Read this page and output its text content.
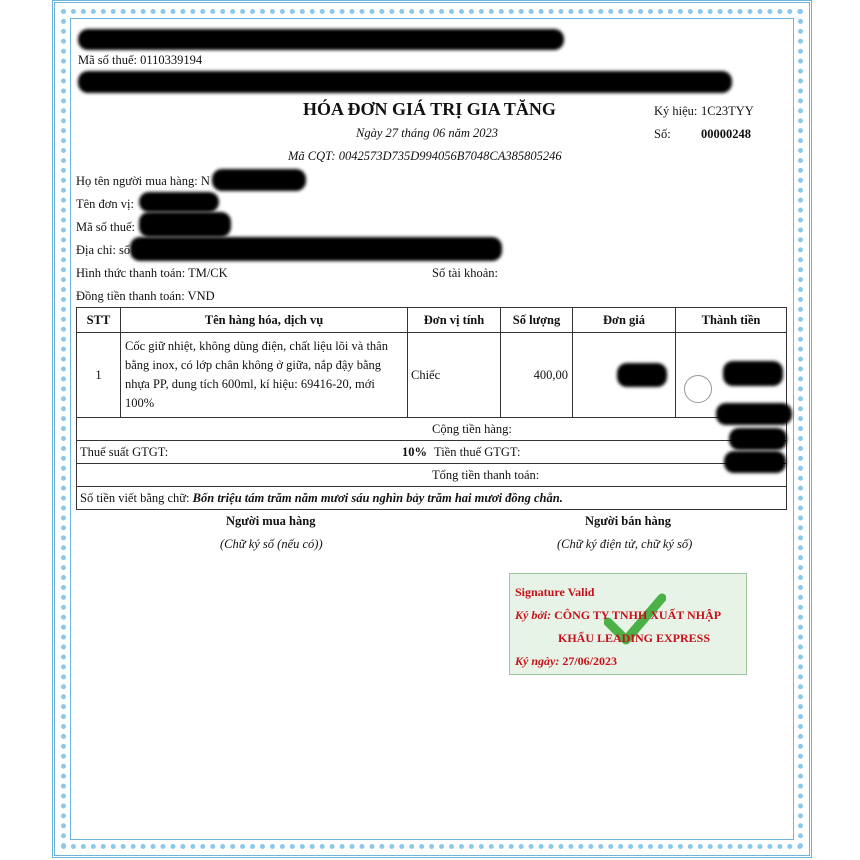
Mã số thuế: 0110339194
HÓA ĐƠN GIÁ TRỊ GIA TĂNG
Ngày 27 tháng 06 năm 2023
Mã CQT: 0042573D735D994056B7048CA385805246
Ký hiệu: 1C23TYY
Số: 00000248
Họ tên người mua hàng: N
Tên đơn vị:
Mã số thuế:
Địa chỉ: số
Hình thức thanh toán: TM/CK	Số tài khoản:
Đồng tiền thanh toán: VND
STT	Tên hàng hóa, dịch vụ	Đơn vị tính	Số lượng	Đơn giá	Thành tiền
1	Cốc giữ nhiệt, không dùng điện, chất liệu lõi và thân
bằng inox, có lớp chân không ở giữa, nắp đậy bằng
nhựa PP, dung tích 600ml, kí hiệu: 69416-20, mới
100%	Chiếc	400,00		
Cộng tiền hàng:					

Thuế suất GTGT: 10% Tiền thuế GTGT:					

Tổng tiền thanh toán:					
Số tiền viết bằng chữ: Bốn triệu tám trăm năm mươi sáu nghìn bảy trăm hai mươi đồng chẵn.					
Người mua hàng
(Chữ ký số (nếu có))
Người bán hàng
(Chữ ký điện tử, chữ ký số)
Signature Valid
Ký bởi: CÔNG TY TNHH XUẤT NHẬP
KHẨU LEADING EXPRESS
Ký ngày: 27/06/2023
